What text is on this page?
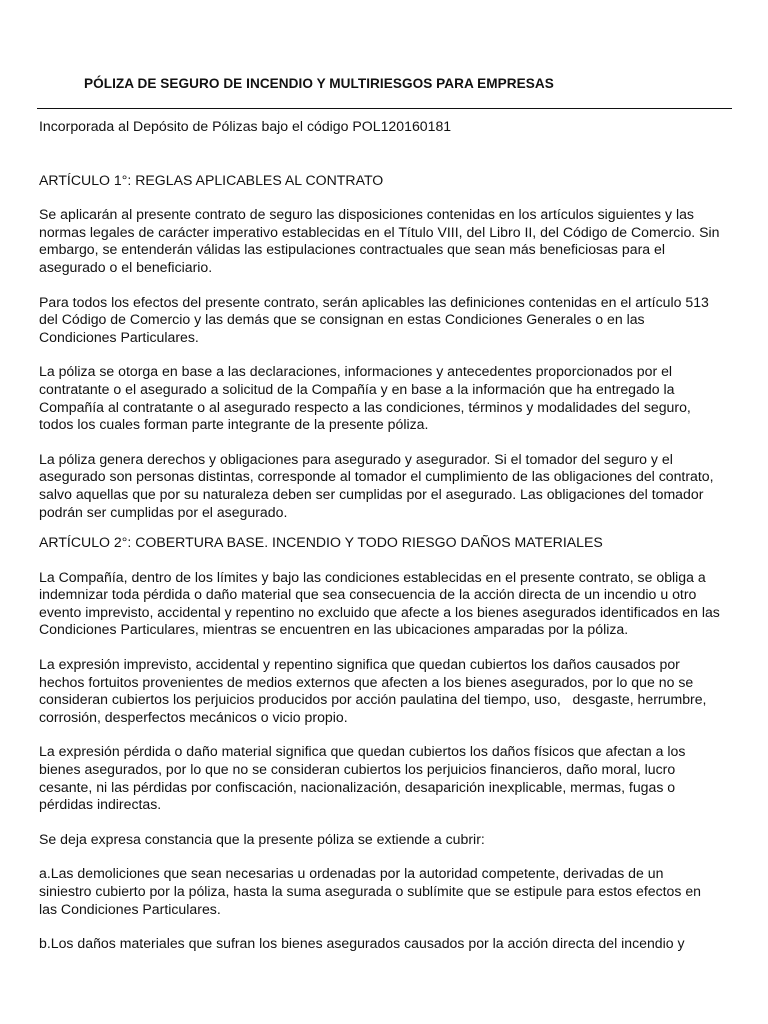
PÓLIZA DE SEGURO DE INCENDIO Y MULTIRIESGOS PARA EMPRESAS

Incorporada al Depósito de Pólizas bajo el código POL120160181

ARTÍCULO 1°: REGLAS APLICABLES AL CONTRATO

Se aplicarán al presente contrato de seguro las disposiciones contenidas en los artículos siguientes y las
normas legales de carácter imperativo establecidas en el Título VIII, del Libro II, del Código de Comercio. Sin
embargo, se entenderán válidas las estipulaciones contractuales que sean más beneficiosas para el
asegurado o el beneficiario.

Para todos los efectos del presente contrato, serán aplicables las definiciones contenidas en el artículo 513
del Código de Comercio y las demás que se consignan en estas Condiciones Generales o en las
Condiciones Particulares.

La póliza se otorga en base a las declaraciones, informaciones y antecedentes proporcionados por el
contratante o el asegurado a solicitud de la Compañía y en base a la información que ha entregado la
Compañía al contratante o al asegurado respecto a las condiciones, términos y modalidades del seguro,
todos los cuales forman parte integrante de la presente póliza.

La póliza genera derechos y obligaciones para asegurado y asegurador. Si el tomador del seguro y el
asegurado son personas distintas, corresponde al tomador el cumplimiento de las obligaciones del contrato,
salvo aquellas que por su naturaleza deben ser cumplidas por el asegurado. Las obligaciones del tomador
podrán ser cumplidas por el asegurado.

ARTÍCULO 2°: COBERTURA BASE. INCENDIO Y TODO RIESGO DAÑOS MATERIALES

La Compañía, dentro de los límites y bajo las condiciones establecidas en el presente contrato, se obliga a
indemnizar toda pérdida o daño material que sea consecuencia de la acción directa de un incendio u otro
evento imprevisto, accidental y repentino no excluido que afecte a los bienes asegurados identificados en las
Condiciones Particulares, mientras se encuentren en las ubicaciones amparadas por la póliza.

La expresión imprevisto, accidental y repentino significa que quedan cubiertos los daños causados por
hechos fortuitos provenientes de medios externos que afecten a los bienes asegurados, por lo que no se
consideran cubiertos los perjuicios producidos por acción paulatina del tiempo, uso,   desgaste, herrumbre,
corrosión, desperfectos mecánicos o vicio propio.

La expresión pérdida o daño material significa que quedan cubiertos los daños físicos que afectan a los
bienes asegurados, por lo que no se consideran cubiertos los perjuicios financieros, daño moral, lucro
cesante, ni las pérdidas por confiscación, nacionalización, desaparición inexplicable, mermas, fugas o
pérdidas indirectas.

Se deja expresa constancia que la presente póliza se extiende a cubrir:

a.Las demoliciones que sean necesarias u ordenadas por la autoridad competente, derivadas de un
siniestro cubierto por la póliza, hasta la suma asegurada o sublímite que se estipule para estos efectos en
las Condiciones Particulares.

b.Los daños materiales que sufran los bienes asegurados causados por la acción directa del incendio y
